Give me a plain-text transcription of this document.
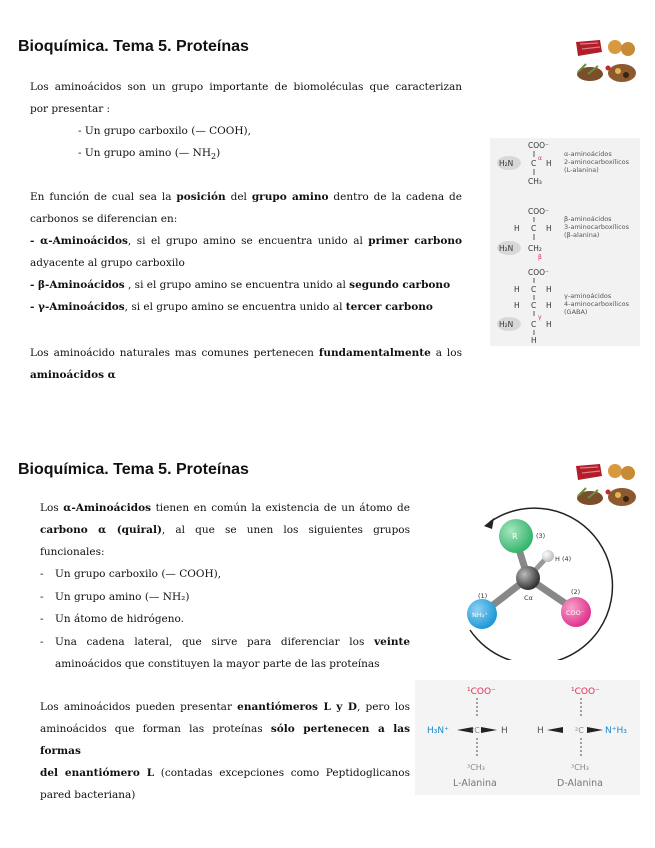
Bioquímica. Tema 5. Proteínas
Los aminoácidos son un grupo importante de biomoléculas que caracterizan
por presentar :
- Un grupo carboxilo (— COOH),
- Un grupo amino (— $NH_2$)
En función de cual sea la posición del grupo amino dentro de la cadena de
carbonos se diferencian en:
- α-Aminoácidos, si el grupo amino se encuentra unido al primer carbono
adyacente al grupo carboxilo
- β-Aminoácidos , si el grupo amino se encuentra unido al segundo carbono
- γ-Aminoácidos, si el grupo amino se encuentra unido al tercer carbono
Los aminoácido naturales mas comunes pertenecen fundamentalmente a los
aminoácidos α
COO⁻
H₂N C H
α
CH₃
α-aminoácidos
2-aminocarboxílicos
(L-alanina)
COO⁻
H C H
H₂N CH₂
β
β-aminoácidos
3-aminocarboxílicos
(β-alanina)
COO⁻
H C H
H C H
H₂N C H
γ
H
γ-aminoácidos
4-aminocarboxílicos
(GABA)
Bioquímica. Tema 5. Proteínas
Los α-Aminoácidos tienen en común la existencia de un átomo de
carbono α (quiral), al que se unen los siguientes grupos
funcionales:
- Un grupo carboxilo (— COOH),
- Un grupo amino (— NH₂)
- Un átomo de hidrógeno.
- Una cadena lateral, que sirve para diferenciar los veinte
aminoácidos que constituyen la mayor parte de las proteínas
Los aminoácidos pueden presentar enantiómeros L y D, pero los
aminoácidos que forman las proteínas sólo pertenecen a las formas
del enantiómero L (contadas excepciones como Peptidoglicanos
pared bacteriana)
R	(3)
H (4)
(1)	(2)
Cα
NH₃⁺	COO⁻
¹COO⁻
H₃N⁺	²C H
³CH₃
L-Alanina
¹COO⁻
H	²C N⁺H₃
³CH₃
D-Alanina
